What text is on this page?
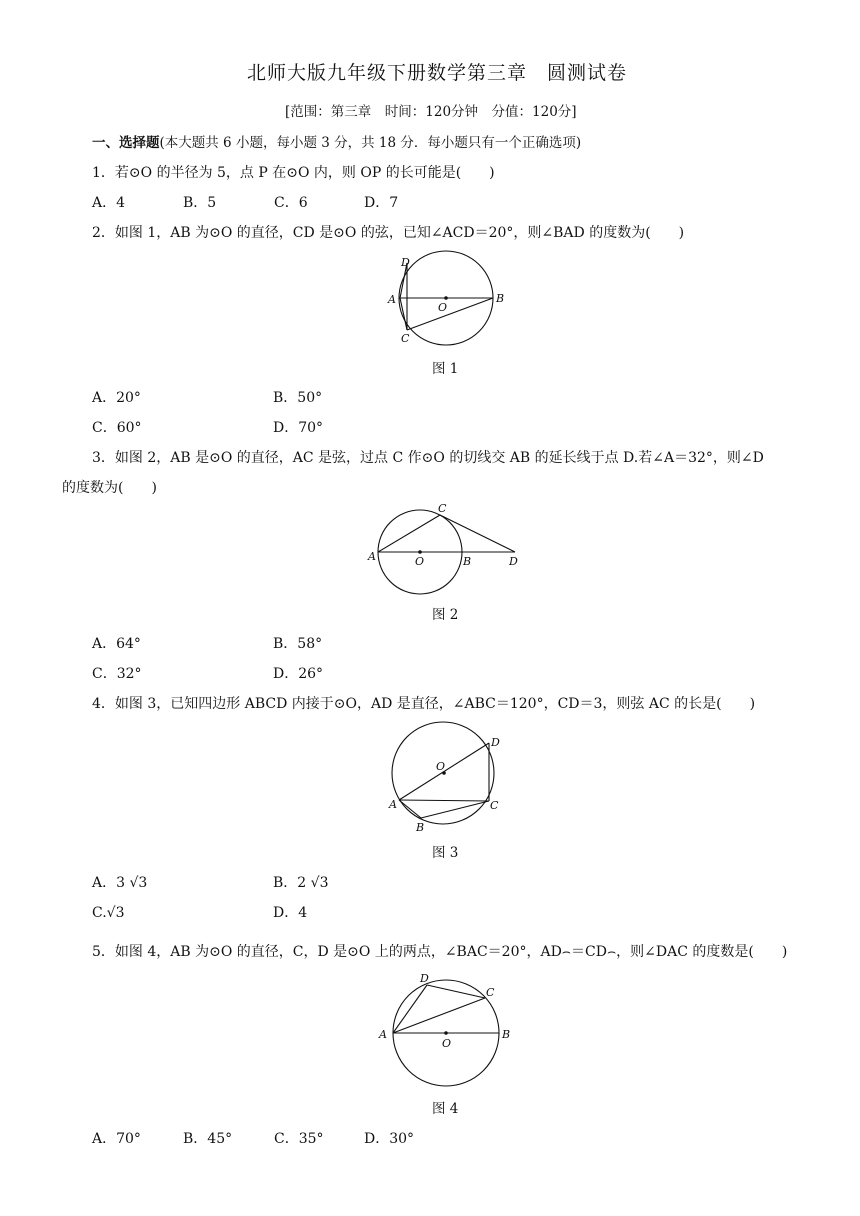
北师大版九年级下册数学第三章　圆测试卷
[范围：第三章　时间：120分钟　分值：120分]
一、选择题(本大题共 6 小题，每小题 3 分，共 18 分．每小题只有一个正确选项)
1．若⊙O 的半径为 5，点 P 在⊙O 内，则 OP 的长可能是(　　)
A．4	B．5	C．6	D．7
2．如图 1，AB 为⊙O 的直径，CD 是⊙O 的弦，已知∠ACD＝20°，则∠BAD 的度数为(　　)
D
A
O
B
C
图 1
A．20°	B．50°
C．60°	D．70°
3．如图 2，AB 是⊙O 的直径，AC 是弦，过点 C 作⊙O 的切线交 AB 的延长线于点 D.若∠A＝32°，则∠D
的度数为(　　)
C
A	O	B	D
图 2
A．64°	B．58°
C．32°	D．26°
4．如图 3，已知四边形 ABCD 内接于⊙O，AD 是直径，∠ABC＝120°，CD＝3，则弦 AC 的长是(　　)
D
O
A	C
B
图 3
A．3 √3	B．2 √3
C.√3	D．4
5．如图 4，AB 为⊙O 的直径，C，D 是⊙O 上的两点，∠BAC＝20°，AD⌢＝CD⌢，则∠DAC 的度数是(　　)
D
C
A
O
B
图 4
A．70°	B．45°	C．35°	D．30°
